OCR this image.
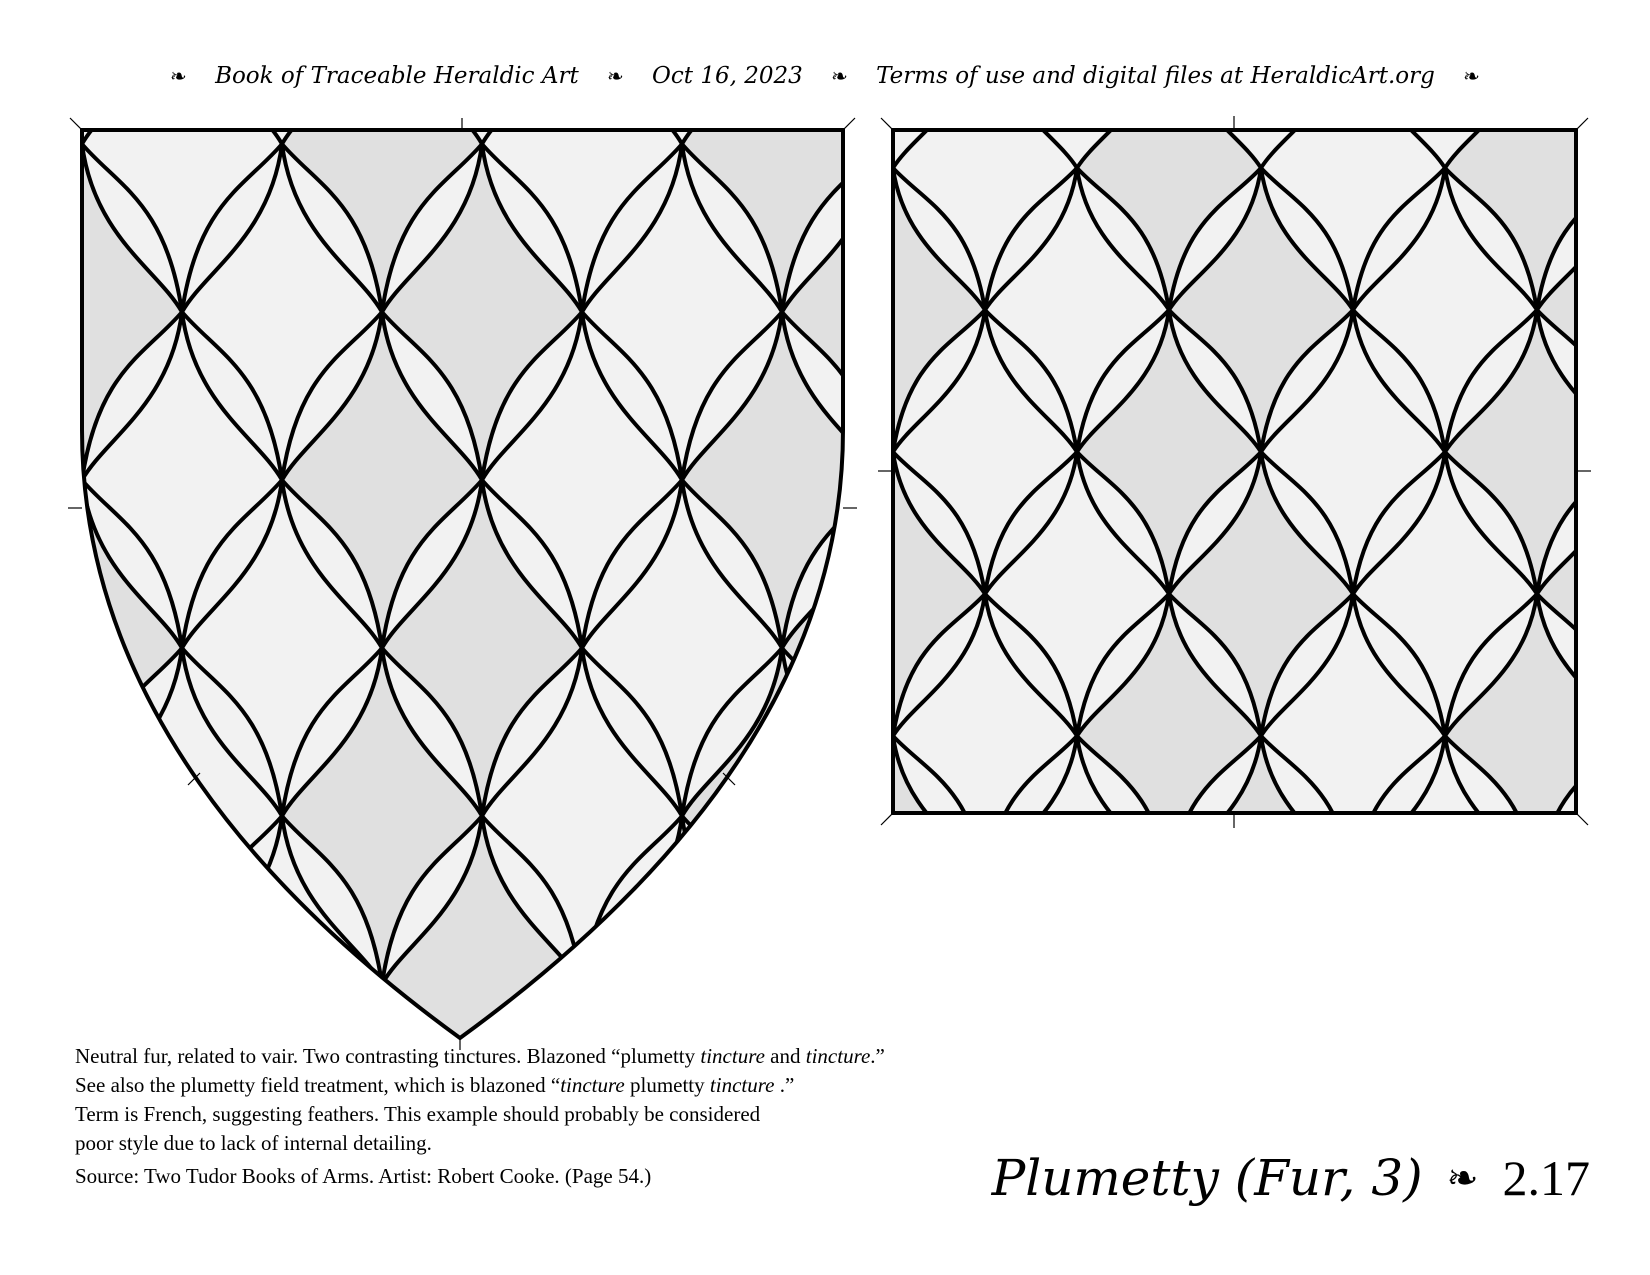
❧ Book of Traceable Heraldic Art ❧ Oct 16, 2023 ❧ Terms of use and digital files at HeraldicArt.org ❧

Neutral fur, related to vair. Two contrasting tinctures. Blazoned “plumetty tincture and tincture.”

See also the plumetty field treatment, which is blazoned “tincture plumetty tincture .”

Term is French, suggesting feathers. This example should probably be considered

poor style due to lack of internal detailing.

Source: Two Tudor Books of Arms. Artist: Robert Cooke. (Page 54.)	Plumetty (Fur, 3) ❧ 2.17
